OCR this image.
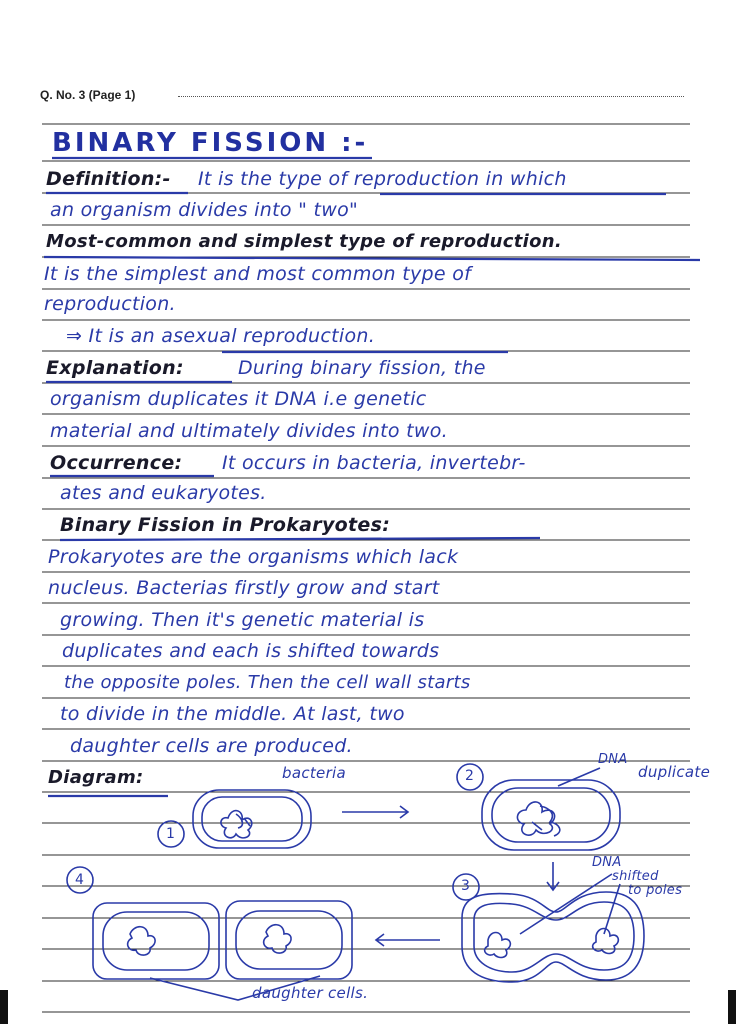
Q. No. 3 (Page 1)
BINARY FISSION :-
Definition:- It is the type of reproduction in which
an organism divides into " two"
Most-common and simplest type of reproduction.
It is the simplest and most common type of
reproduction.
⇒ It is an asexual reproduction.
Explanation:	During binary fission, the
organism duplicates it DNA i.e genetic
material and ultimately divides into two.
Occurrence: It occurs in bacteria, invertebr-
ates and eukaryotes.
Binary Fission in Prokaryotes:
Prokaryotes are the organisms which lack
nucleus. Bacterias firstly grow and start
growing. Then it's genetic material is
duplicates and each is shifted towards
the opposite poles. Then the cell wall starts
to divide in the middle. At last, two
daughter cells are produced.
Diagram:	bacteria
DNA
duplicate
DNA
shifted
to poles
daughter cells.
1
2
3
4
